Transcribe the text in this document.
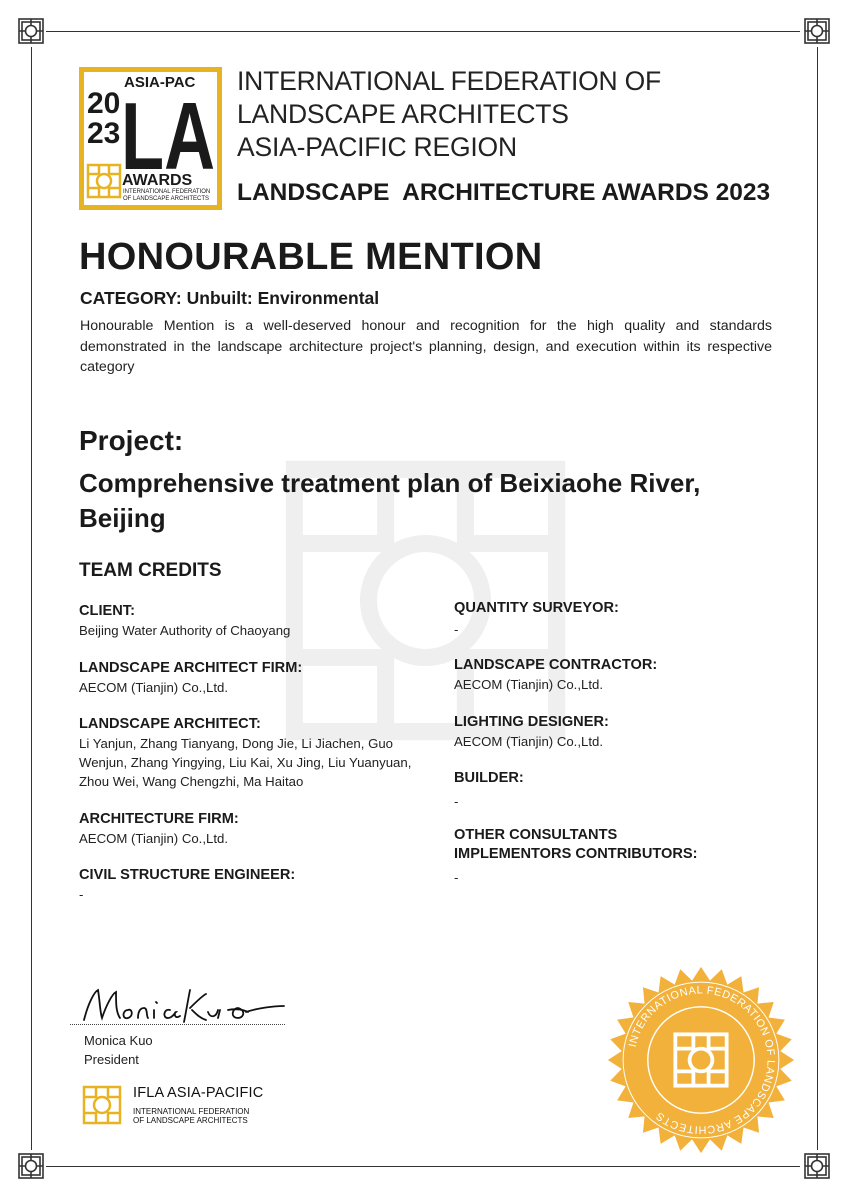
20
23
ASIA-PAC
LA
AWARDS
INTERNATIONAL FEDERATION
OF LANDSCAPE ARCHITECTS
INTERNATIONAL FEDERATION OF
LANDSCAPE ARCHITECTS
ASIA-PACIFIC REGION
LANDSCAPE  ARCHITECTURE AWARDS 2023
HONOURABLE MENTION
CATEGORY: Unbuilt: Environmental
Honourable Mention is a well-deserved honour and recognition for the high quality and standards demonstrated in the landscape architecture project's planning, design, and execution within its respective category
Project:
Comprehensive treatment plan of Beixiaohe River,
Beijing
TEAM CREDITS
CLIENT:
Beijing Water Authority of Chaoyang
LANDSCAPE ARCHITECT FIRM:
AECOM (Tianjin) Co.,Ltd.
LANDSCAPE ARCHITECT:
Li Yanjun, Zhang Tianyang, Dong Jie, Li Jiachen, Guo
Wenjun, Zhang Yingying, Liu Kai, Xu Jing, Liu Yuanyuan,
Zhou Wei, Wang Chengzhi, Ma Haitao
ARCHITECTURE FIRM:
AECOM (Tianjin) Co.,Ltd.
CIVIL STRUCTURE ENGINEER:
-
QUANTITY SURVEYOR:
-
LANDSCAPE CONTRACTOR:
AECOM (Tianjin) Co.,Ltd.
LIGHTING DESIGNER:
AECOM (Tianjin) Co.,Ltd.
BUILDER:
-
OTHER CONSULTANTS
IMPLEMENTORS CONTRIBUTORS:
-
Monica Kuo
President
IFLA ASIA-PACIFIC
INTERNATIONAL FEDERATION
OF LANDSCAPE ARCHITECTS
INTERNATIONAL FEDERATION OF LANDSCAPE ARCHITECTS
